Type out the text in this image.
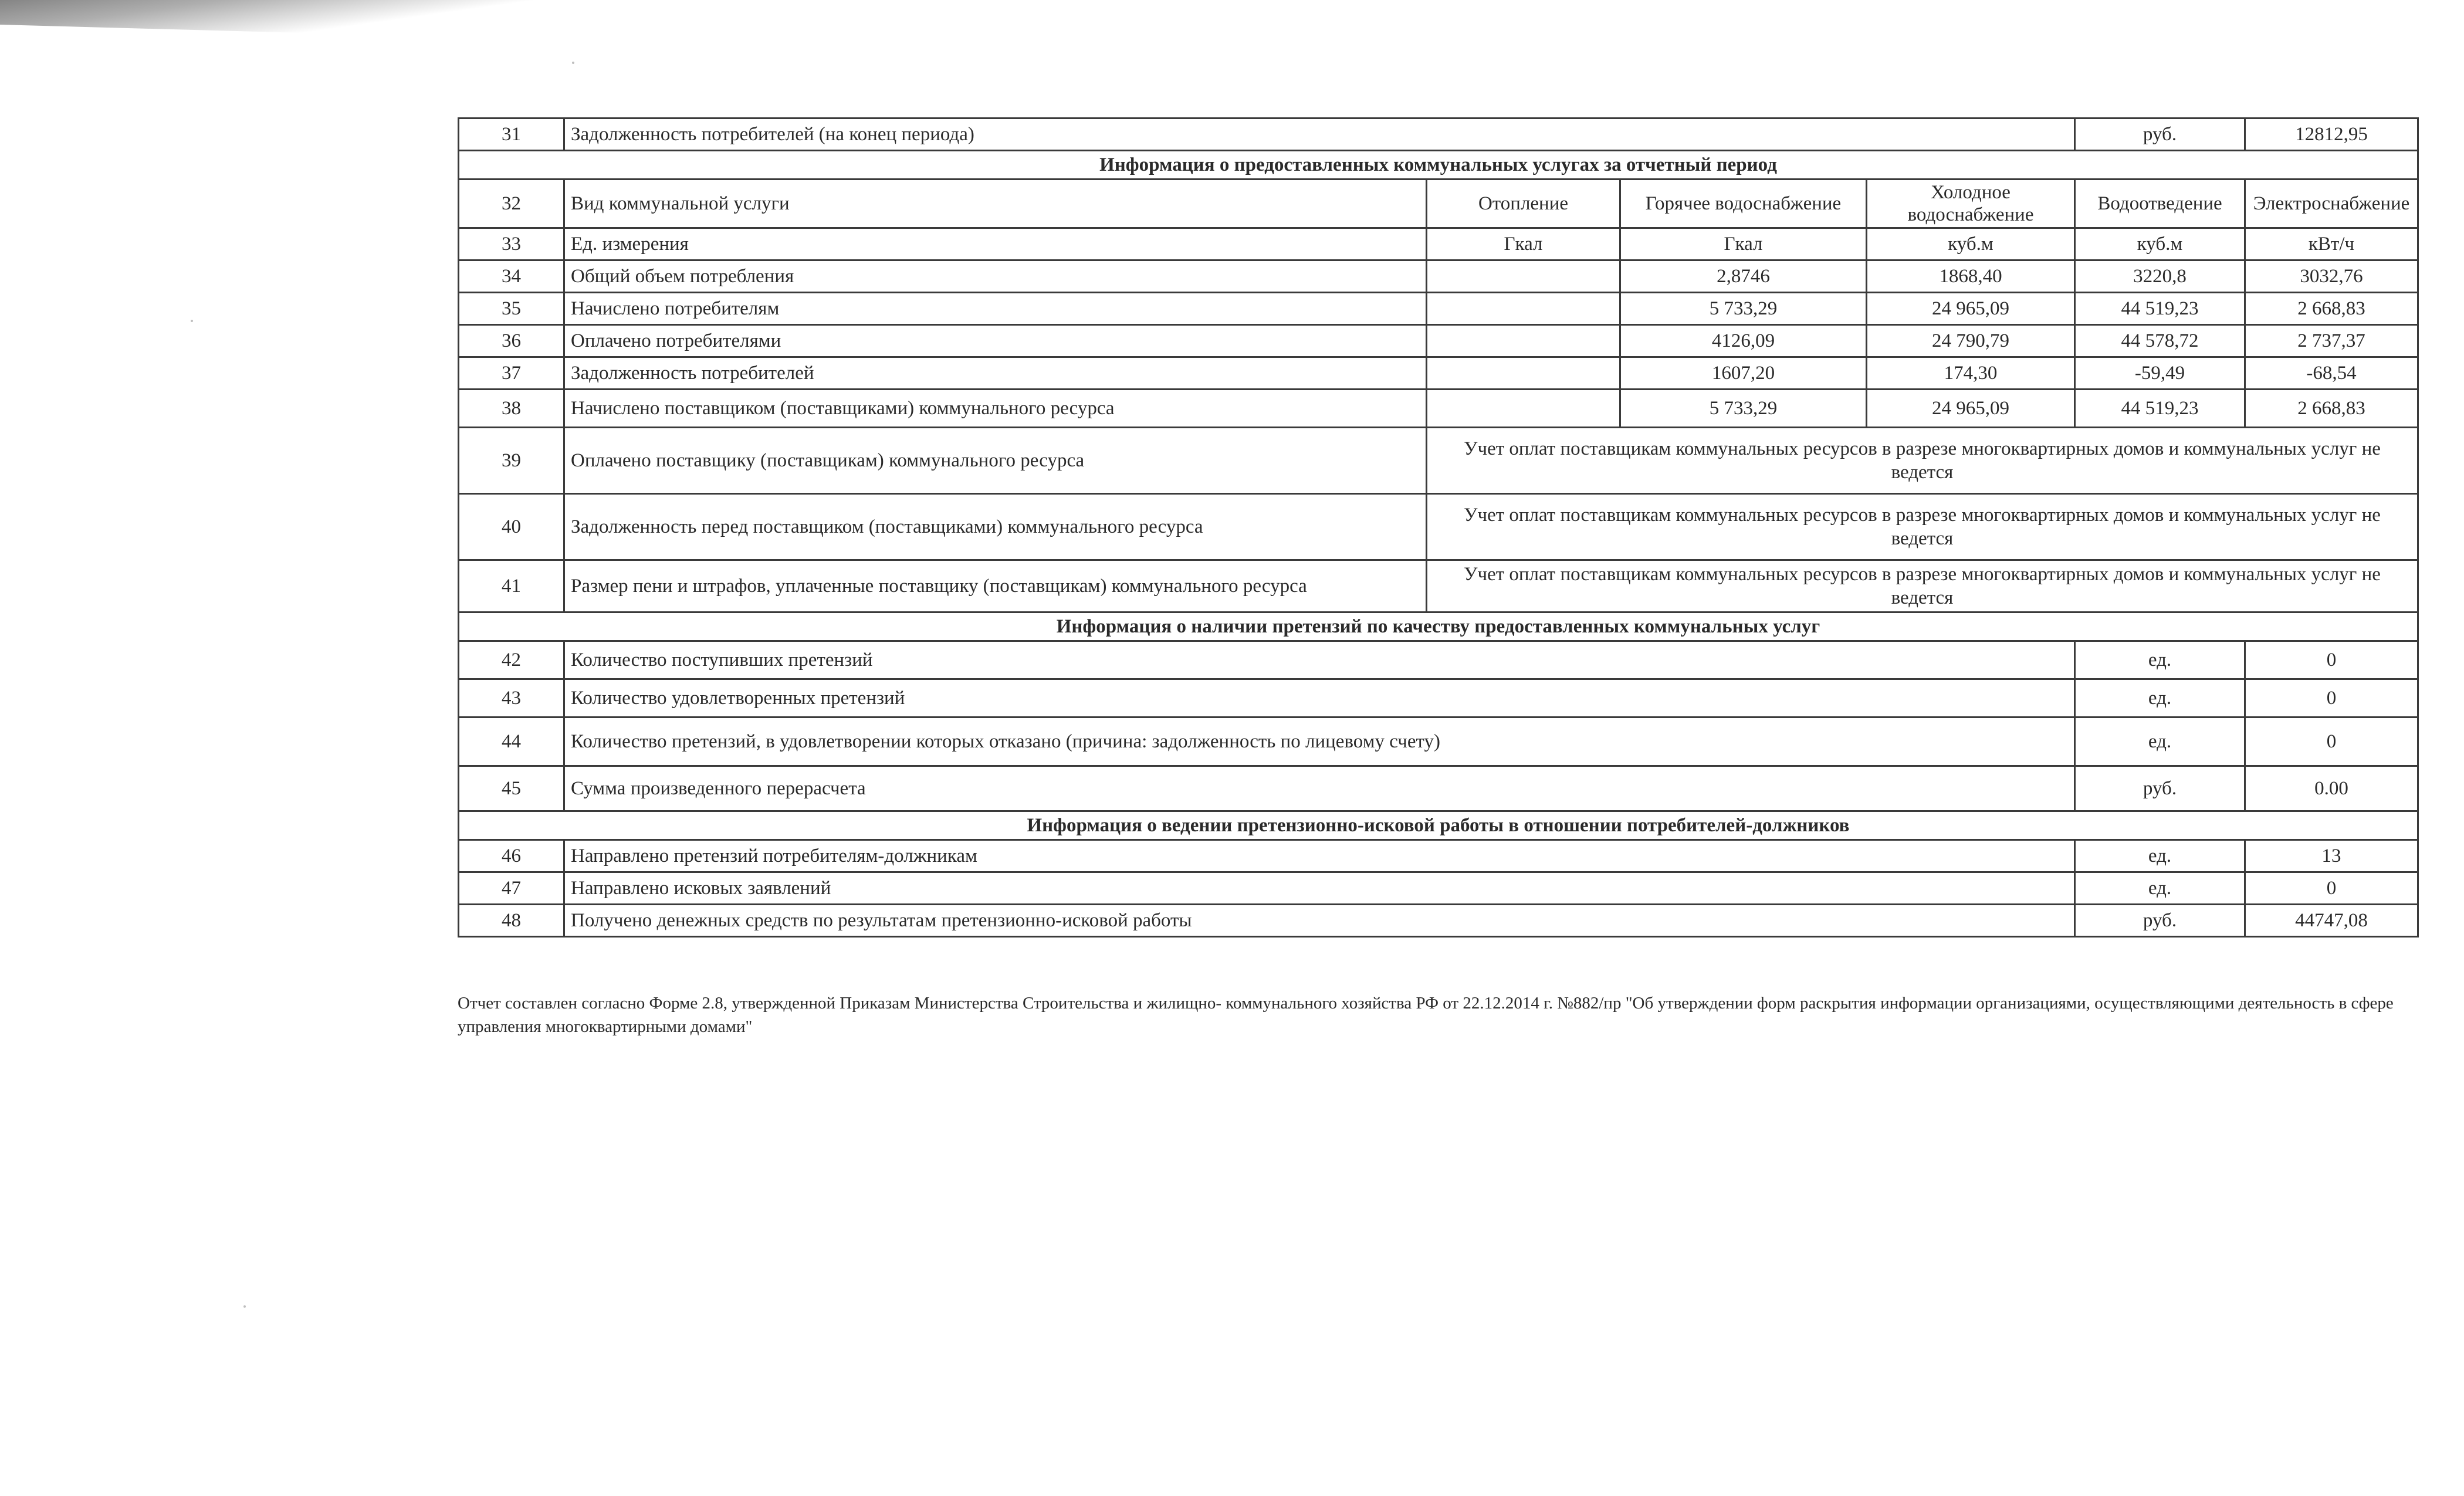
31	Задолженность потребителей (на конец периода)				руб.	12812,95
Информация о предоставленных коммунальных услугах за отчетный период						
32	Вид коммунальной услуги	Отопление	Горячее водоснабжение	Холодное водоснабжение	Водоотведение	Электроснабжение
33	Ед. измерения	Гкал	Гкал	куб.м	куб.м	кВт/ч
34	Общий объем потребления		2,8746	1868,40	3220,8	3032,76
35	Начислено потребителям		5 733,29	24 965,09	44 519,23	2 668,83
36	Оплачено потребителями		4126,09	24 790,79	44 578,72	2 737,37
37	Задолженность потребителей		1607,20	174,30	-59,49	-68,54
38	Начислено поставщиком (поставщиками) коммунального ресурса		5 733,29	24 965,09	44 519,23	2 668,83
39	Оплачено поставщику (поставщикам) коммунального ресурса	Учет оплат поставщикам коммунальных ресурсов в разрезе многоквартирных домов и коммунальных услуг не ведется				
40	Задолженность перед поставщиком (поставщиками) коммунального ресурса	Учет оплат поставщикам коммунальных ресурсов в разрезе многоквартирных домов и коммунальных услуг не ведется				
41	Размер пени и штрафов, уплаченные поставщику (поставщикам) коммунального ресурса	Учет оплат поставщикам коммунальных ресурсов в разрезе многоквартирных домов и коммунальных услуг не ведется				
Информация о наличии претензий по качеству предоставленных коммунальных услуг						
42	Количество поступивших претензий				ед.	0
43	Количество удовлетворенных претензий				ед.	0
44	Количество претензий, в удовлетворении которых отказано (причина: задолженность по лицевому счету)				ед.	0
45	Сумма произведенного перерасчета				руб.	0.00
Информация о ведении претензионно-исковой работы в отношении потребителей-должников						
46	Направлено претензий потребителям-должникам				ед.	13
47	Направлено исковых заявлений				ед.	0
48	Получено денежных средств по результатам претензионно-исковой работы				руб.	44747,08
Отчет составлен согласно Форме 2.8, утвержденной Приказам Министерства Строительства и жилищно- коммунального хозяйства РФ от 22.12.2014 г. №882/пр "Об утверждении форм раскрытия информации организациями, осуществляющими деятельность в сфере управления многоквартирными домами"
